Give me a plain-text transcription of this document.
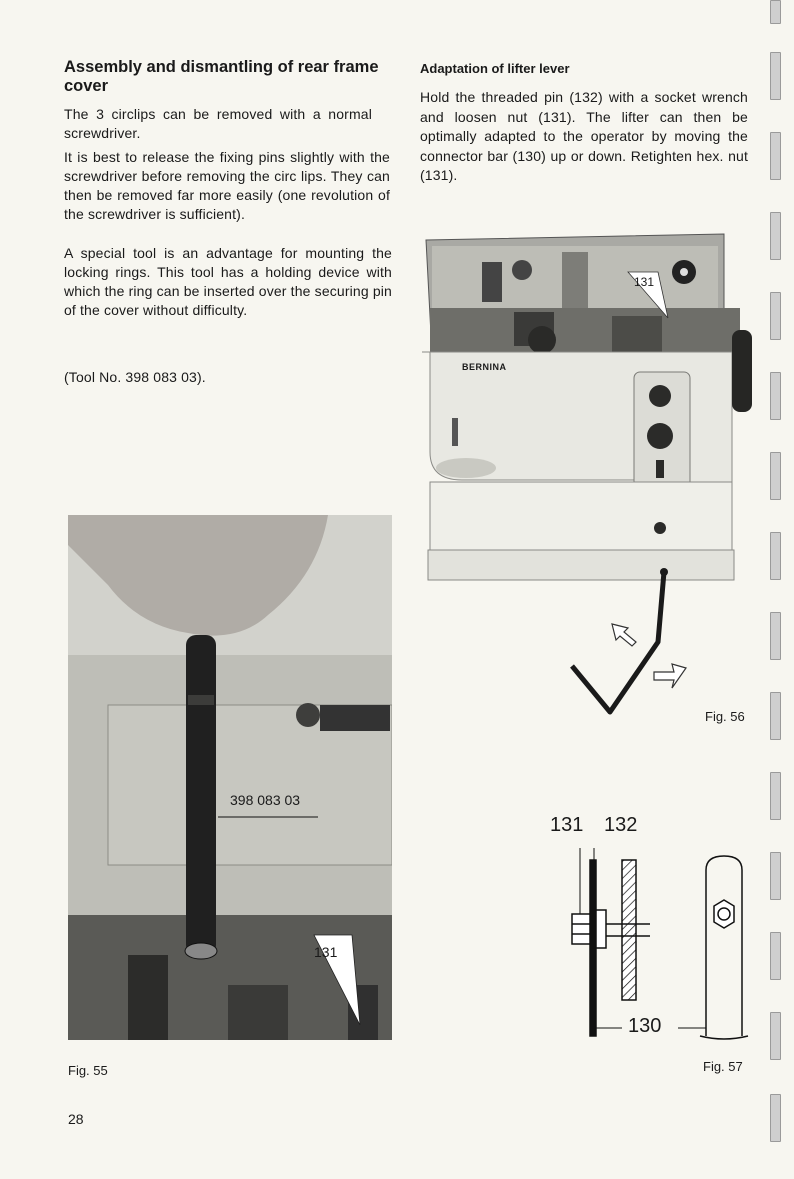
Assembly and dismantling of rear frame cover

The 3 circlips can be removed with a normal screwdriver.

It is best to release the fixing pins slightly with the screwdriver before removing the circ lips. They can then be removed far more easily (one revolution of the screwdriver is sufficient).

A special tool is an advantage for mounting the locking rings. This tool has a holding device with which the ring can be inserted over the securing pin of the cover without difficulty.

(Tool No. 398 083 03).

Adaptation of lifter lever

Hold the threaded pin (132) with a socket wrench and loosen nut (131). The lifter can then be optimally adapted to the operator by moving the connector bar (130) up or down. Retighten hex. nut (131).

BERNINA
131
Fig. 56
398 083 03
131
Fig. 55
131 132
130
Fig. 57
28
